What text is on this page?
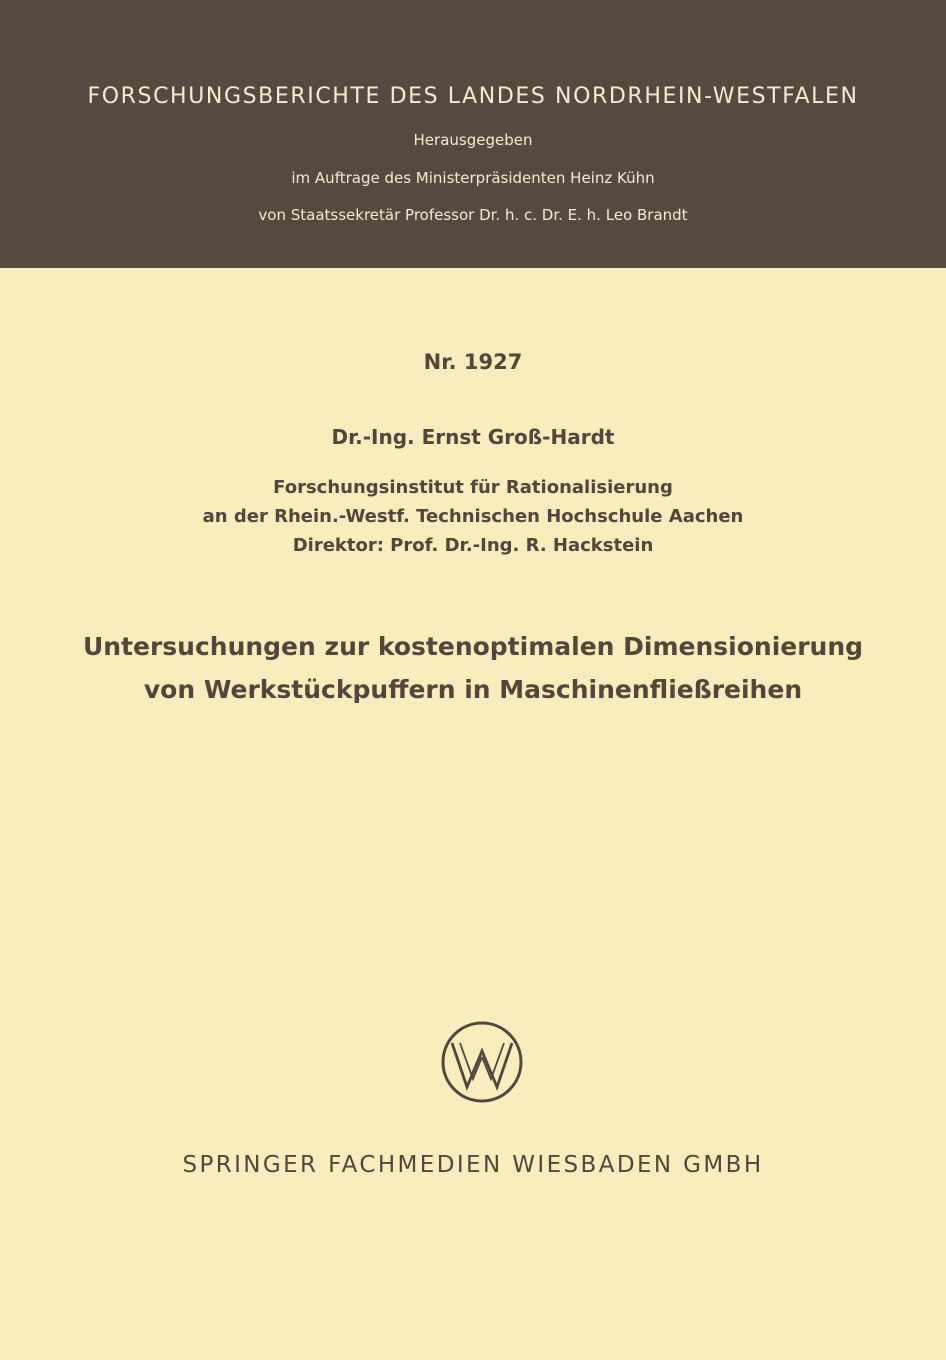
FORSCHUNGSBERICHTE DES LANDES NORDRHEIN-WESTFALEN
Herausgegeben
im Auftrage des Ministerpräsidenten Heinz Kühn
von Staatssekretär Professor Dr. h. c. Dr. E. h. Leo Brandt
Nr. 1927
Dr.-Ing. Ernst Groß-Hardt
Forschungsinstitut für Rationalisierung
an der Rhein.-Westf. Technischen Hochschule Aachen
Direktor: Prof. Dr.-Ing. R. Hackstein
Untersuchungen zur kostenoptimalen Dimensionierung
von Werkstückpuffern in Maschinenfließreihen
SPRINGER FACHMEDIEN WIESBADEN GMBH
